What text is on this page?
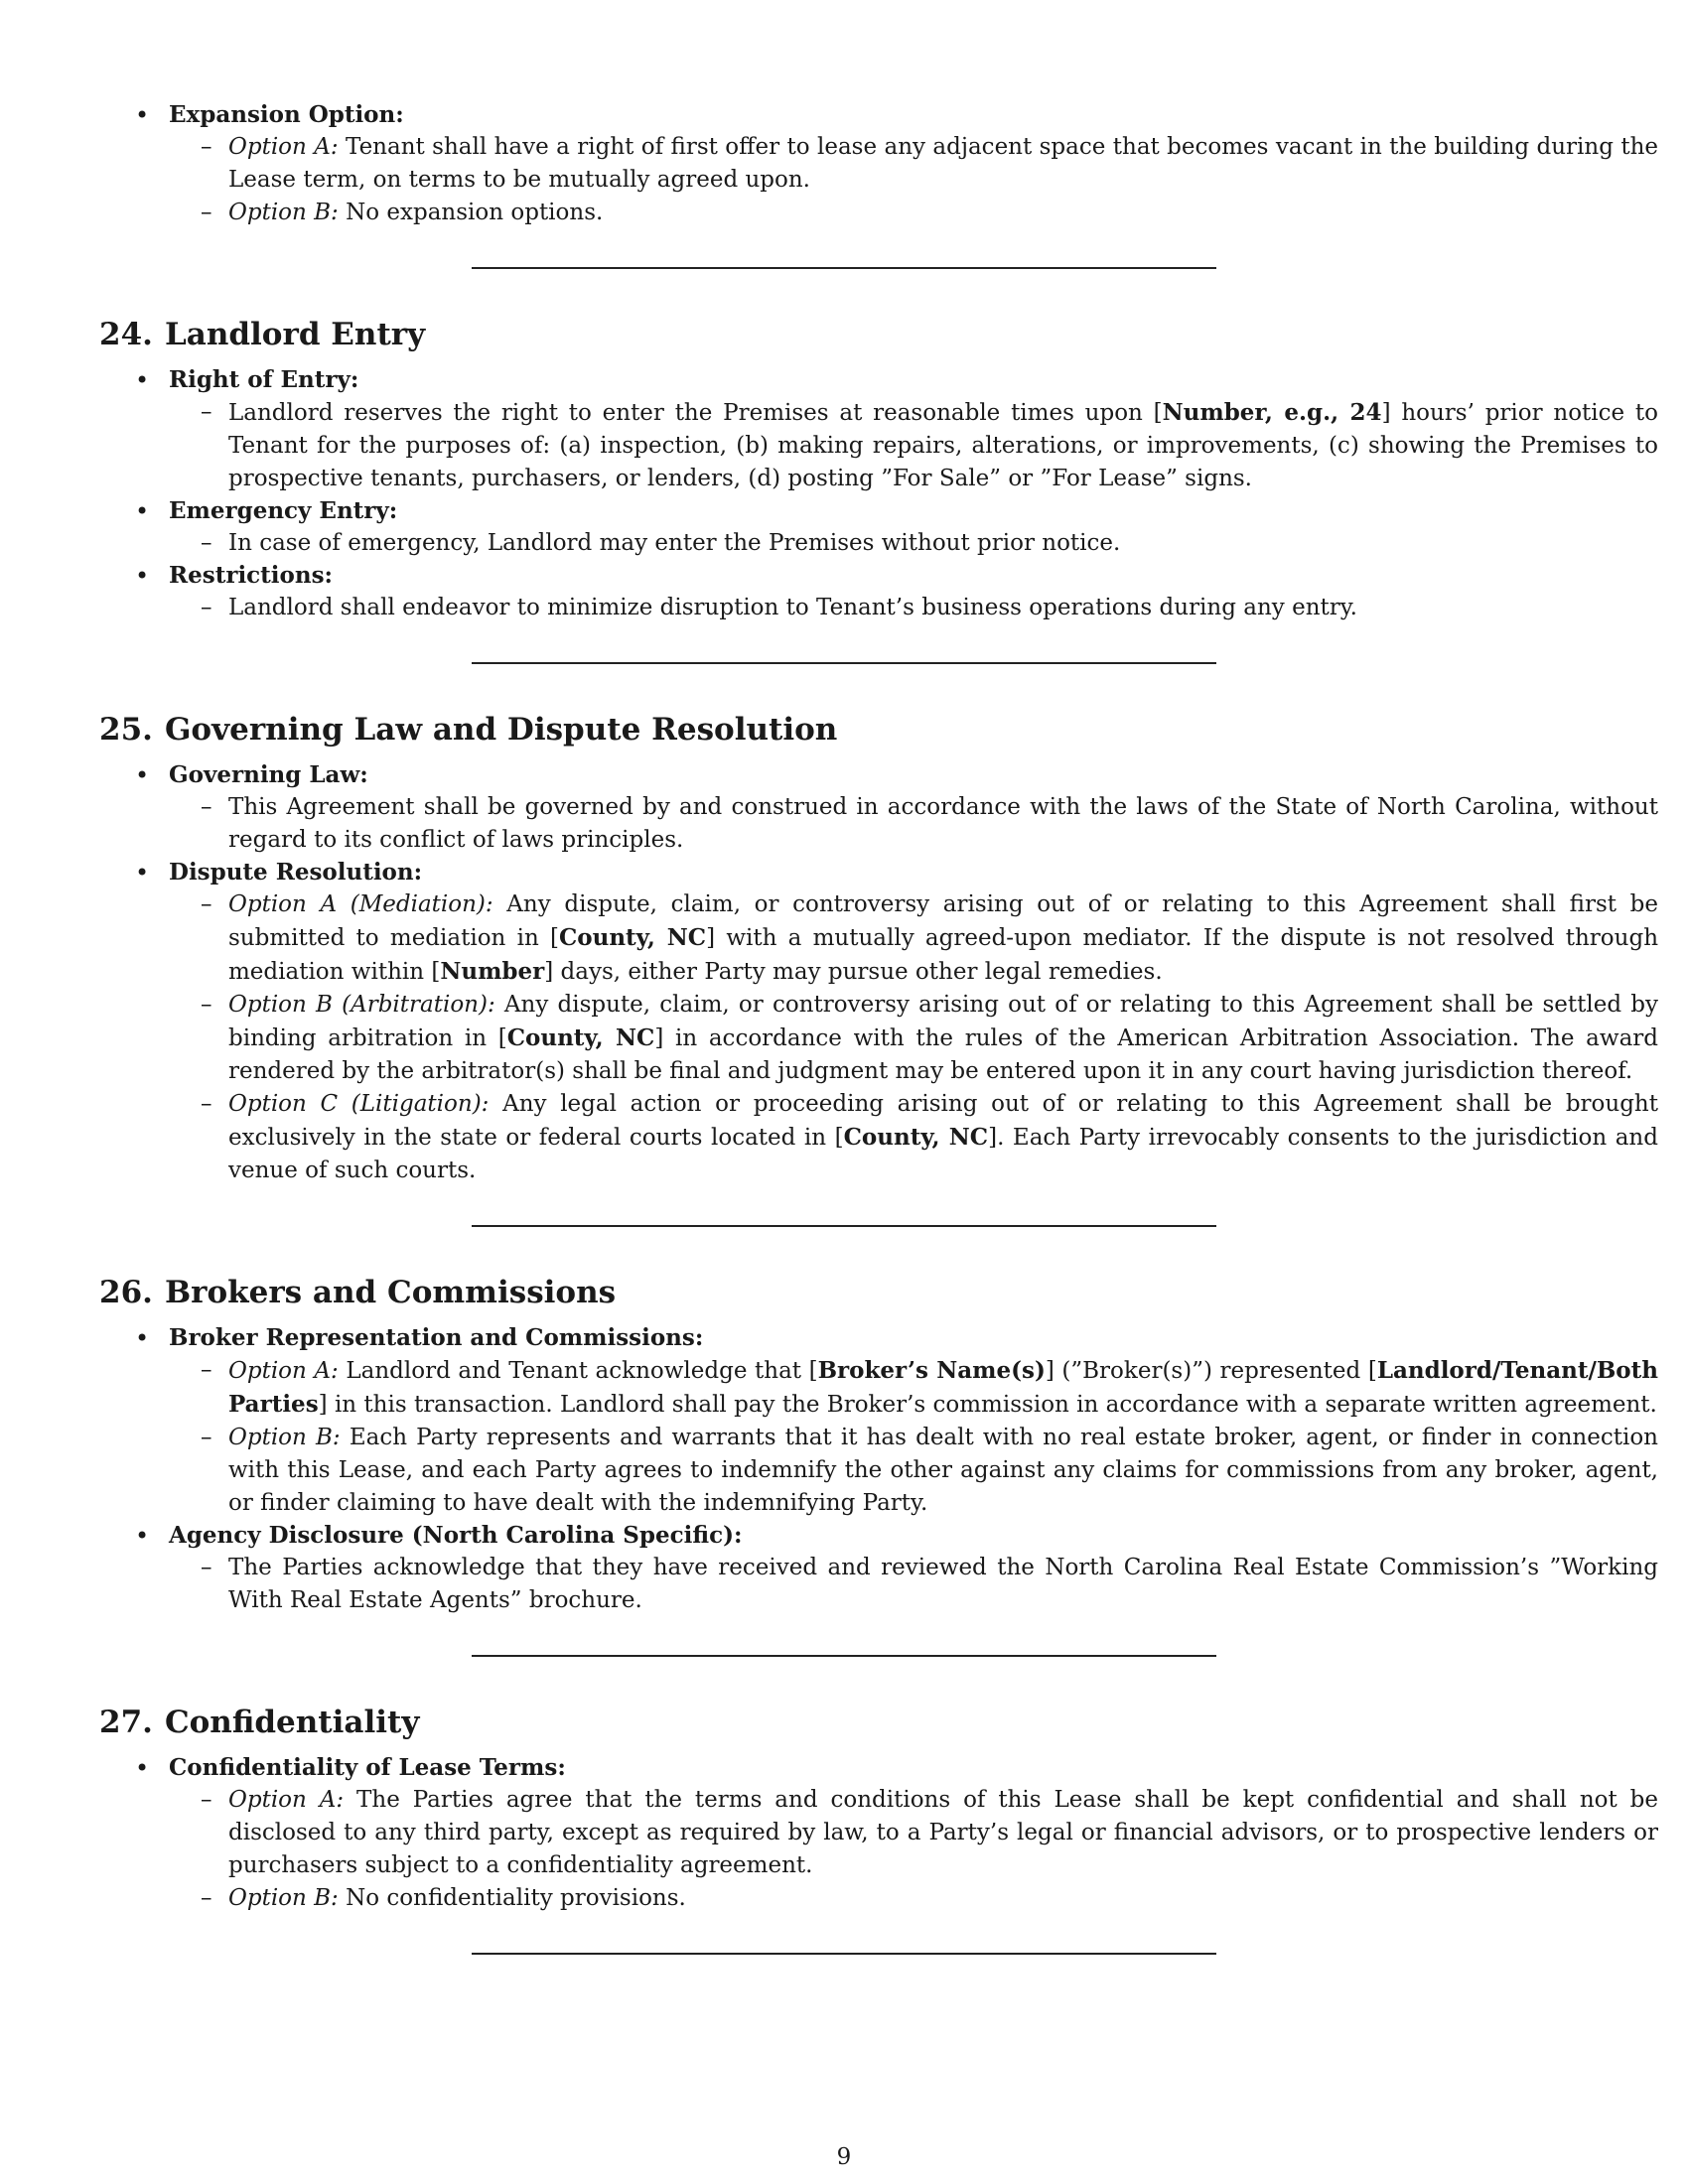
• Expansion Option:
– Option A: Tenant shall have a right of first offer to lease any adjacent space that becomes vacant in the building during the Lease term, on terms to be mutually agreed upon.
– Option B: No expansion options.
24. Landlord Entry
• Right of Entry:
– Landlord reserves the right to enter the Premises at reasonable times upon [Number, e.g., 24] hours’ prior notice to Tenant for the purposes of: (a) inspection, (b) making repairs, alterations, or improvements, (c) showing the Premises to prospective tenants, purchasers, or lenders, (d) posting ”For Sale” or ”For Lease” signs.
• Emergency Entry:
– In case of emergency, Landlord may enter the Premises without prior notice.
• Restrictions:
– Landlord shall endeavor to minimize disruption to Tenant’s business operations during any entry.
25. Governing Law and Dispute Resolution
• Governing Law:
– This Agreement shall be governed by and construed in accordance with the laws of the State of North Carolina, without regard to its conflict of laws principles.
• Dispute Resolution:
– Option A (Mediation): Any dispute, claim, or controversy arising out of or relating to this Agreement shall first be submitted to mediation in [County, NC] with a mutually agreed-upon mediator. If the dispute is not resolved through mediation within [Number] days, either Party may pursue other legal remedies.
– Option B (Arbitration): Any dispute, claim, or controversy arising out of or relating to this Agreement shall be settled by binding arbitration in [County, NC] in accordance with the rules of the American Arbitration Association. The award rendered by the arbitrator(s) shall be final and judgment may be entered upon it in any court having jurisdiction thereof.
– Option C (Litigation): Any legal action or proceeding arising out of or relating to this Agreement shall be brought exclusively in the state or federal courts located in [County, NC]. Each Party irrevocably consents to the jurisdiction and venue of such courts.
26. Brokers and Commissions
• Broker Representation and Commissions:
– Option A: Landlord and Tenant acknowledge that [Broker’s Name(s)] (”Broker(s)”) represented [Landlord/Tenant/Both Parties] in this transaction. Landlord shall pay the Broker’s commission in accordance with a separate written agreement.
– Option B: Each Party represents and warrants that it has dealt with no real estate broker, agent, or finder in connection with this Lease, and each Party agrees to indemnify the other against any claims for commissions from any broker, agent, or finder claiming to have dealt with the indemnifying Party.
• Agency Disclosure (North Carolina Specific):
– The Parties acknowledge that they have received and reviewed the North Carolina Real Estate Commission’s ”Working With Real Estate Agents” brochure.
27. Confidentiality
• Confidentiality of Lease Terms:
– Option A: The Parties agree that the terms and conditions of this Lease shall be kept confidential and shall not be disclosed to any third party, except as required by law, to a Party’s legal or financial advisors, or to prospective lenders or purchasers subject to a confidentiality agreement.
– Option B: No confidentiality provisions.
9
